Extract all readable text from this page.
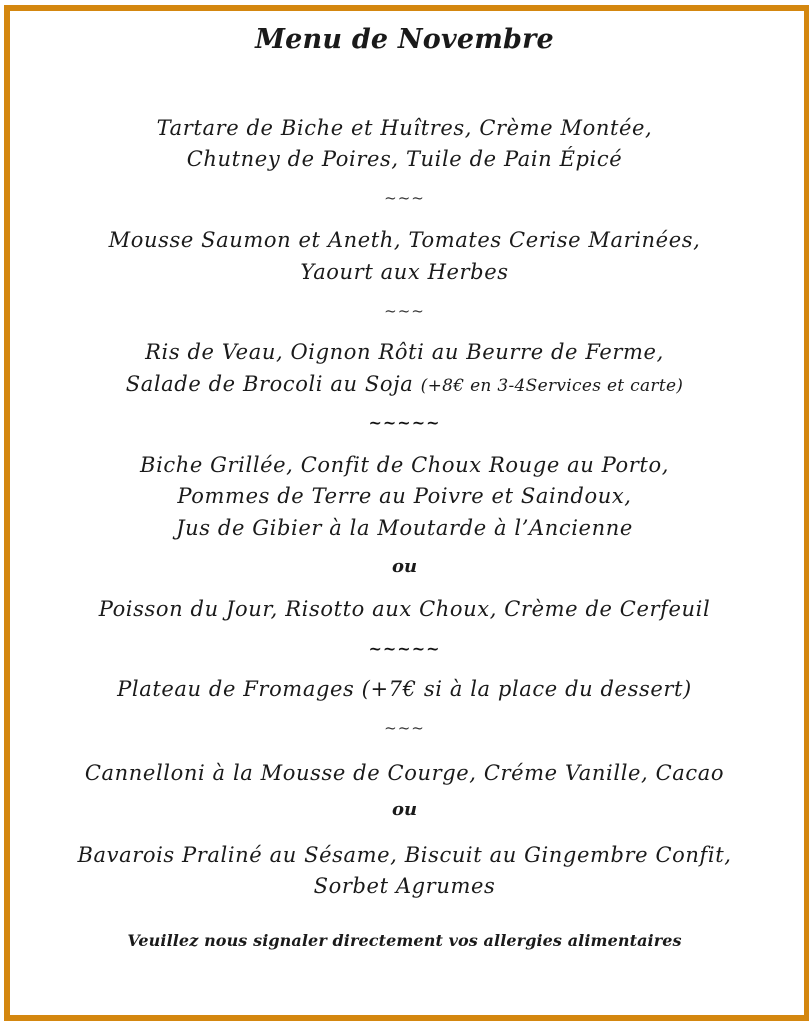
Menu de Novembre
Tartare de Biche et Huîtres, Crème Montée,
Chutney de Poires, Tuile de Pain Épicé
~~~
Mousse Saumon et Aneth, Tomates Cerise Marinées,
Yaourt aux Herbes
~~~
Ris de Veau, Oignon Rôti au Beurre de Ferme,
Salade de Brocoli au Soja (+8€ en 3-4Services et carte)
~~~~~
Biche Grillée, Confit de Choux Rouge au Porto,
Pommes de Terre au Poivre et Saindoux,
Jus de Gibier à la Moutarde à l’Ancienne
ou
Poisson du Jour, Risotto aux Choux, Crème de Cerfeuil
~~~~~
Plateau de Fromages (+7€ si à la place du dessert)
~~~
Cannelloni à la Mousse de Courge, Créme Vanille, Cacao
ou
Bavarois Praliné au Sésame, Biscuit au Gingembre Confit,
Sorbet Agrumes
Veuillez nous signaler directement vos allergies alimentaires
